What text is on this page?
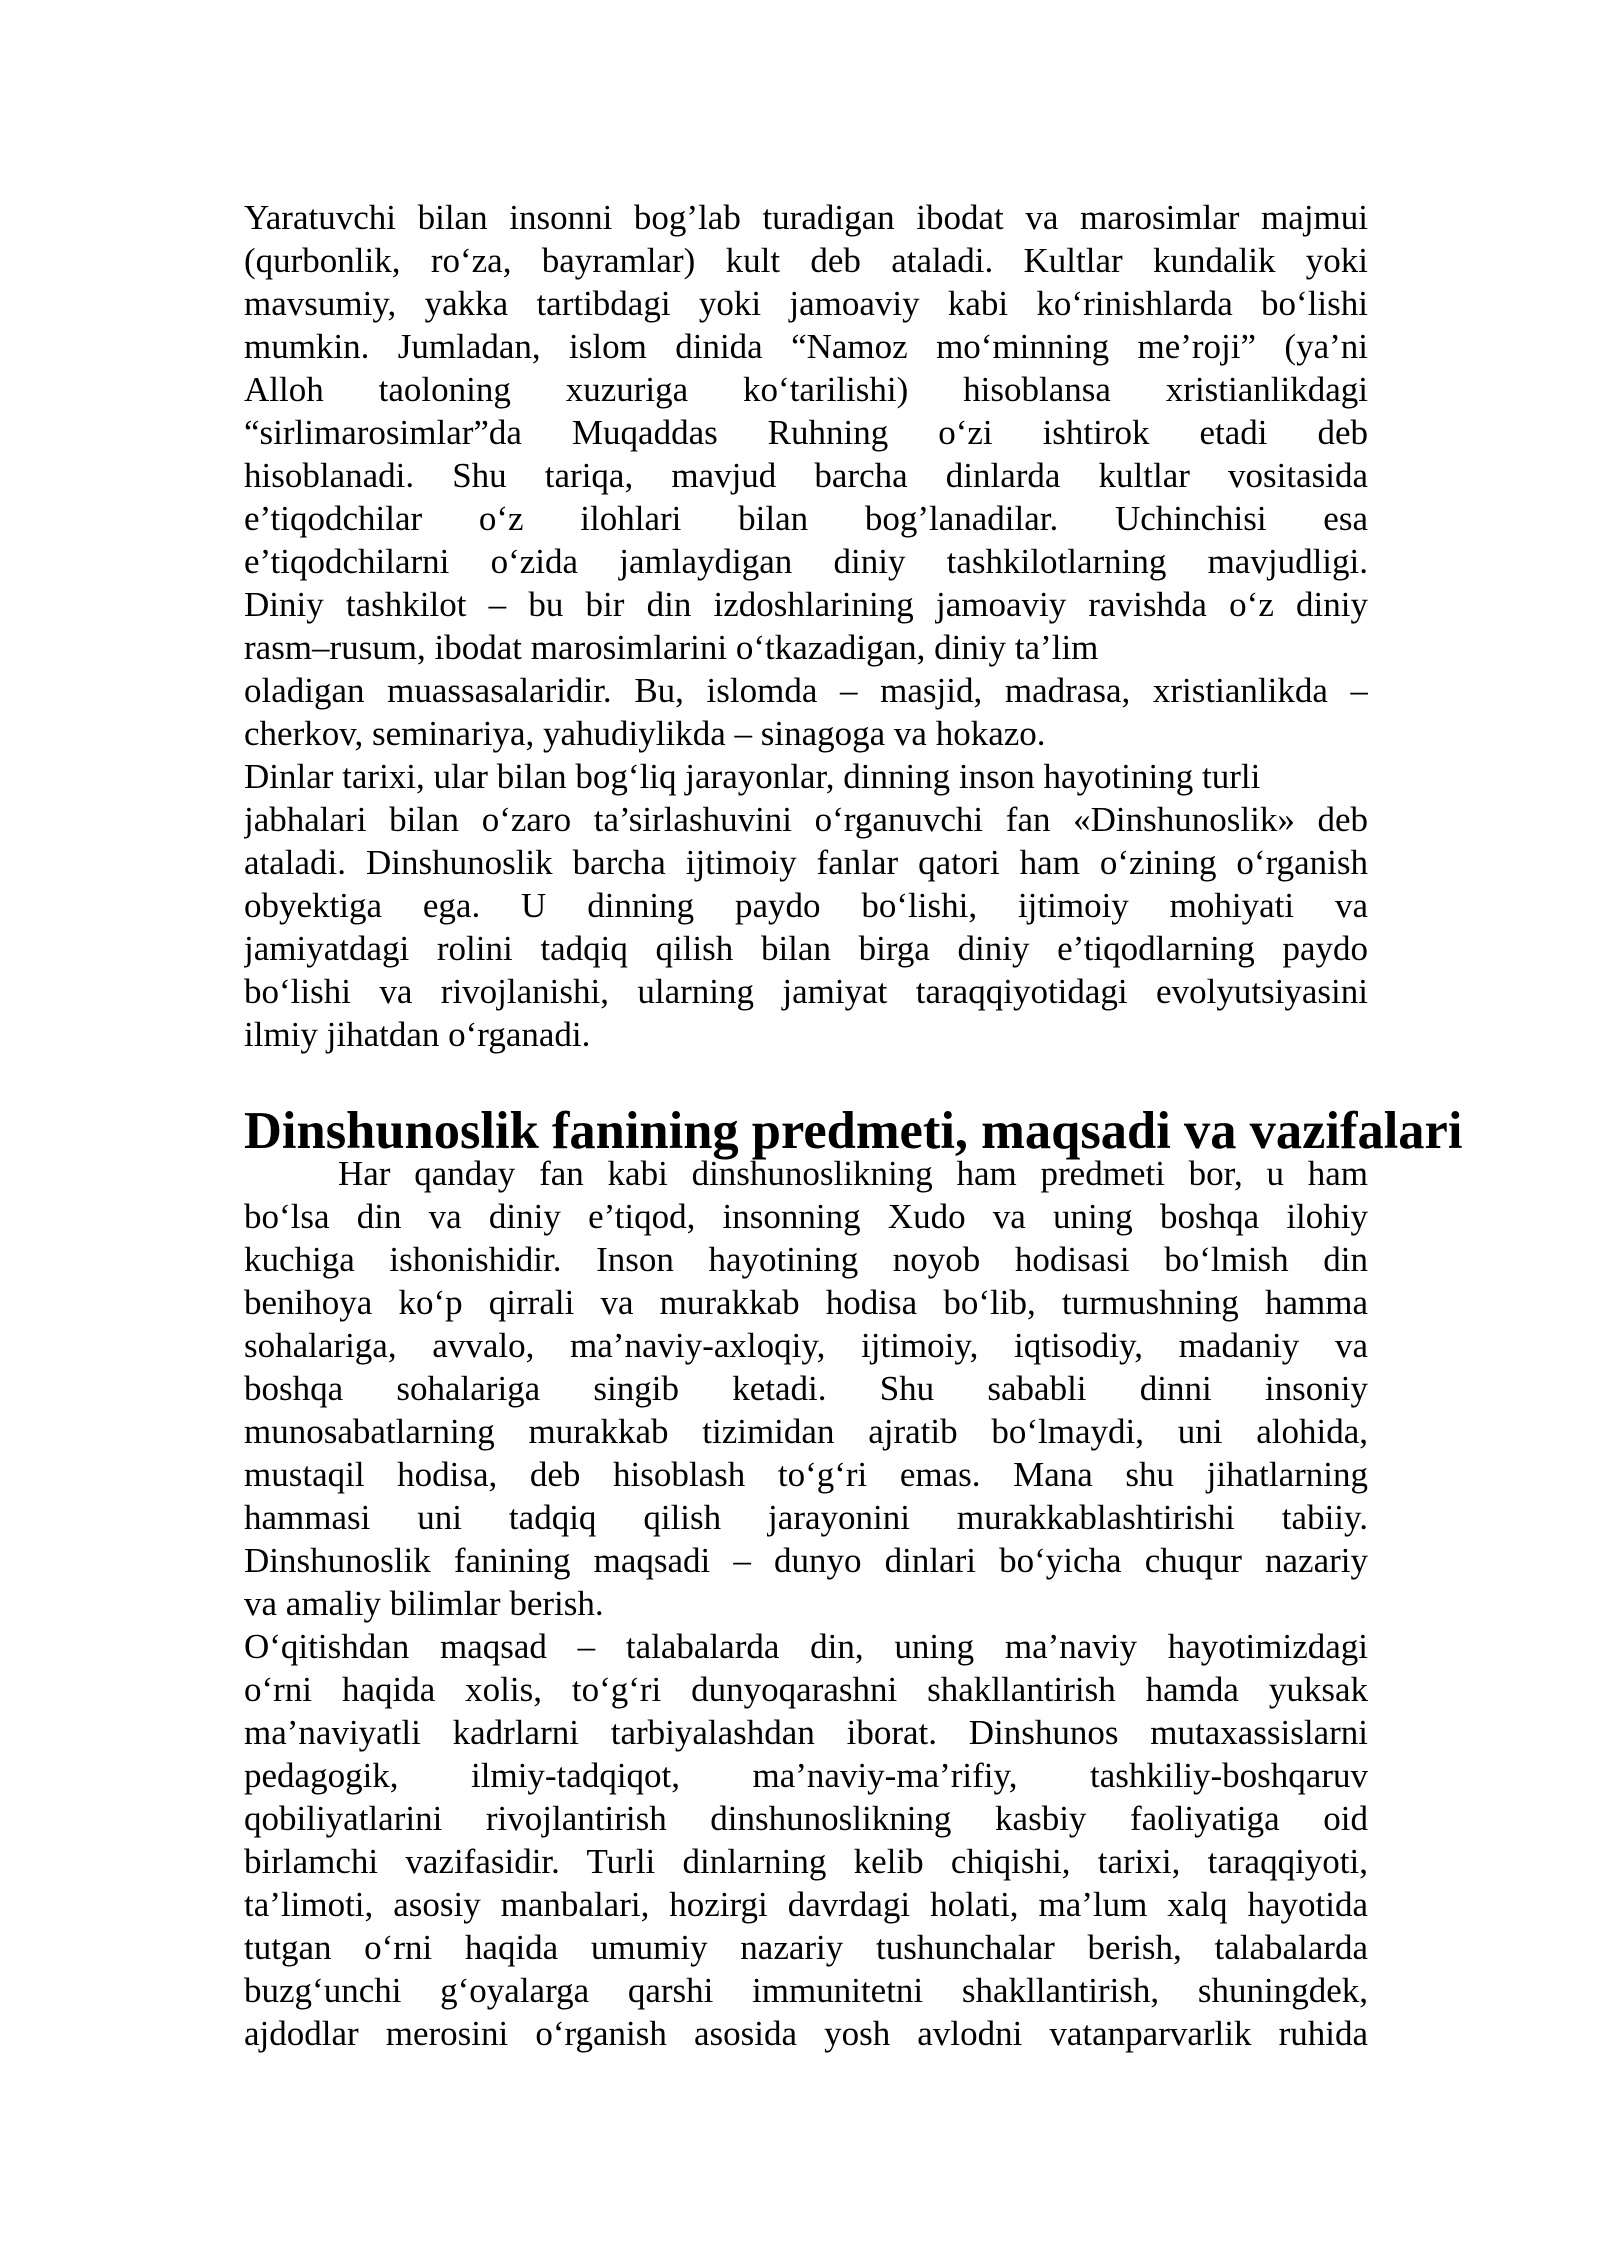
Yaratuvchi bilan insonni bog’lab turadigan ibodat va marosimlar majmui

(qurbonlik, ro‘za, bayramlar) kult deb ataladi. Kultlar kundalik yoki

mavsumiy, yakka tartibdagi yoki jamoaviy kabi ko‘rinishlarda bo‘lishi

mumkin. Jumladan, islom dinida “Namoz mo‘minning me’roji” (ya’ni

Alloh taoloning xuzuriga ko‘tarilishi) hisoblansa xristianlikdagi

“sirlimarosimlar”da Muqaddas Ruhning o‘zi ishtirok etadi deb

hisoblanadi. Shu tariqa, mavjud barcha dinlarda kultlar vositasida

e’tiqodchilar o‘z ilohlari bilan bog’lanadilar. Uchinchisi esa

e’tiqodchilarni o‘zida jamlaydigan diniy tashkilotlarning mavjudligi.

Diniy tashkilot – bu bir din izdoshlarining jamoaviy ravishda o‘z diniy

rasm–rusum, ibodat marosimlarini o‘tkazadigan, diniy ta’lim

oladigan muassasalaridir. Bu, islomda – masjid, madrasa, xristianlikda –

cherkov, seminariya, yahudiylikda – sinagoga va hokazo.

Dinlar tarixi, ular bilan bog‘liq jarayonlar, dinning inson hayotining turli

jabhalari bilan o‘zaro ta’sirlashuvini o‘rganuvchi fan «Dinshunoslik» deb

ataladi. Dinshunoslik barcha ijtimoiy fanlar qatori ham o‘zining o‘rganish

obyektiga ega. U dinning paydo bo‘lishi, ijtimoiy mohiyati va

jamiyatdagi rolini tadqiq qilish bilan birga diniy e’tiqodlarning paydo

bo‘lishi va rivojlanishi, ularning jamiyat taraqqiyotidagi evolyutsiyasini

ilmiy jihatdan o‘rganadi.

Dinshunoslik fanining predmeti, maqsadi va vazifalari

Har qanday fan kabi dinshunoslikning ham predmeti bor, u ham

bo‘lsa din va diniy e’tiqod, insonning Xudo va uning boshqa ilohiy

kuchiga ishonishidir. Inson hayotining noyob hodisasi bo‘lmish din

benihoya ko‘p qirrali va murakkab hodisa bo‘lib, turmushning hamma

sohalariga, avvalo, ma’naviy-axloqiy, ijtimoiy, iqtisodiy, madaniy va

boshqa sohalariga singib ketadi. Shu sababli dinni insoniy

munosabatlarning murakkab tizimidan ajratib bo‘lmaydi, uni alohida,

mustaqil hodisa, deb hisoblash to‘g‘ri emas. Mana shu jihatlarning

hammasi uni tadqiq qilish jarayonini murakkablashtirishi tabiiy.

Dinshunoslik fanining maqsadi – dunyo dinlari bo‘yicha chuqur nazariy

va amaliy bilimlar berish.

O‘qitishdan maqsad – talabalarda din, uning ma’naviy hayotimizdagi

o‘rni haqida xolis, to‘g‘ri dunyoqarashni shakllantirish hamda yuksak

ma’naviyatli kadrlarni tarbiyalashdan iborat. Dinshunos mutaxassislarni

pedagogik, ilmiy-tadqiqot, ma’naviy-ma’rifiy, tashkiliy-boshqaruv

qobiliyatlarini rivojlantirish dinshunoslikning kasbiy faoliyatiga oid

birlamchi vazifasidir. Turli dinlarning kelib chiqishi, tarixi, taraqqiyoti,

ta’limoti, asosiy manbalari, hozirgi davrdagi holati, ma’lum xalq hayotida

tutgan o‘rni haqida umumiy nazariy tushunchalar berish, talabalarda

buzg‘unchi g‘oyalarga qarshi immunitetni shakllantirish, shuningdek,

ajdodlar merosini o‘rganish asosida yosh avlodni vatanparvarlik ruhida
